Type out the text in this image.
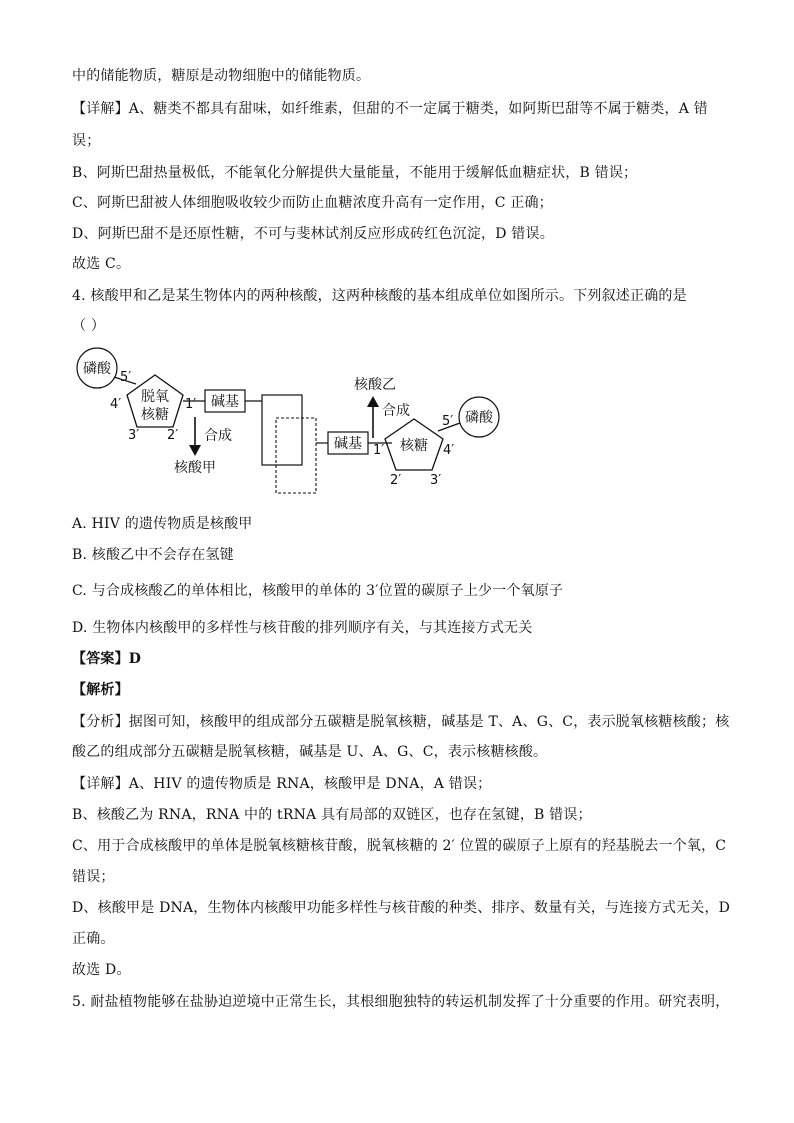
中的储能物质，糖原是动物细胞中的储能物质。

【详解】A、糖类不都具有甜味，如纤维素，但甜的不一定属于糖类，如阿斯巴甜等不属于糖类，A 错

误；

B、阿斯巴甜热量极低，不能氧化分解提供大量能量，不能用于缓解低血糖症状，B 错误；

C、阿斯巴甜被人体细胞吸收较少而防止血糖浓度升高有一定作用，C 正确；

D、阿斯巴甜不是还原性糖，不可与斐林试剂反应形成砖红色沉淀，D 错误。

故选 C。

4. 核酸甲和乙是某生物体内的两种核酸，这两种核酸的基本组成单位如图所示。下列叙述正确的是

（ ）

磷酸
5′
脱氧
核糖
4′	1′
3′ 2′
碱基
合成
核酸甲
碱基
合成
核酸乙
核糖
1′	4′
2′ 3′
5′ 磷酸

A. HIV 的遗传物质是核酸甲

B. 核酸乙中不会存在氢键

C. 与合成核酸乙的单体相比，核酸甲的单体的 3′位置的碳原子上少一个氧原子

D. 生物体内核酸甲的多样性与核苷酸的排列顺序有关，与其连接方式无关

【答案】D

【解析】

【分析】据图可知，核酸甲的组成部分五碳糖是脱氧核糖，碱基是 T、A、G、C，表示脱氧核糖核酸；核

酸乙的组成部分五碳糖是脱氧核糖，碱基是 U、A、G、C，表示核糖核酸。

【详解】A、HIV 的遗传物质是 RNA，核酸甲是 DNA，A 错误；

B、核酸乙为 RNA，RNA 中的 tRNA 具有局部的双链区，也存在氢键，B 错误；

C、用于合成核酸甲的单体是脱氧核糖核苷酸，脱氧核糖的 2′ 位置的碳原子上原有的羟基脱去一个氧，C

错误；

D、核酸甲是 DNA，生物体内核酸甲功能多样性与核苷酸的种类、排序、数量有关，与连接方式无关，D

正确。

故选 D。

5. 耐盐植物能够在盐胁迫逆境中正常生长，其根细胞独特的转运机制发挥了十分重要的作用。研究表明，
